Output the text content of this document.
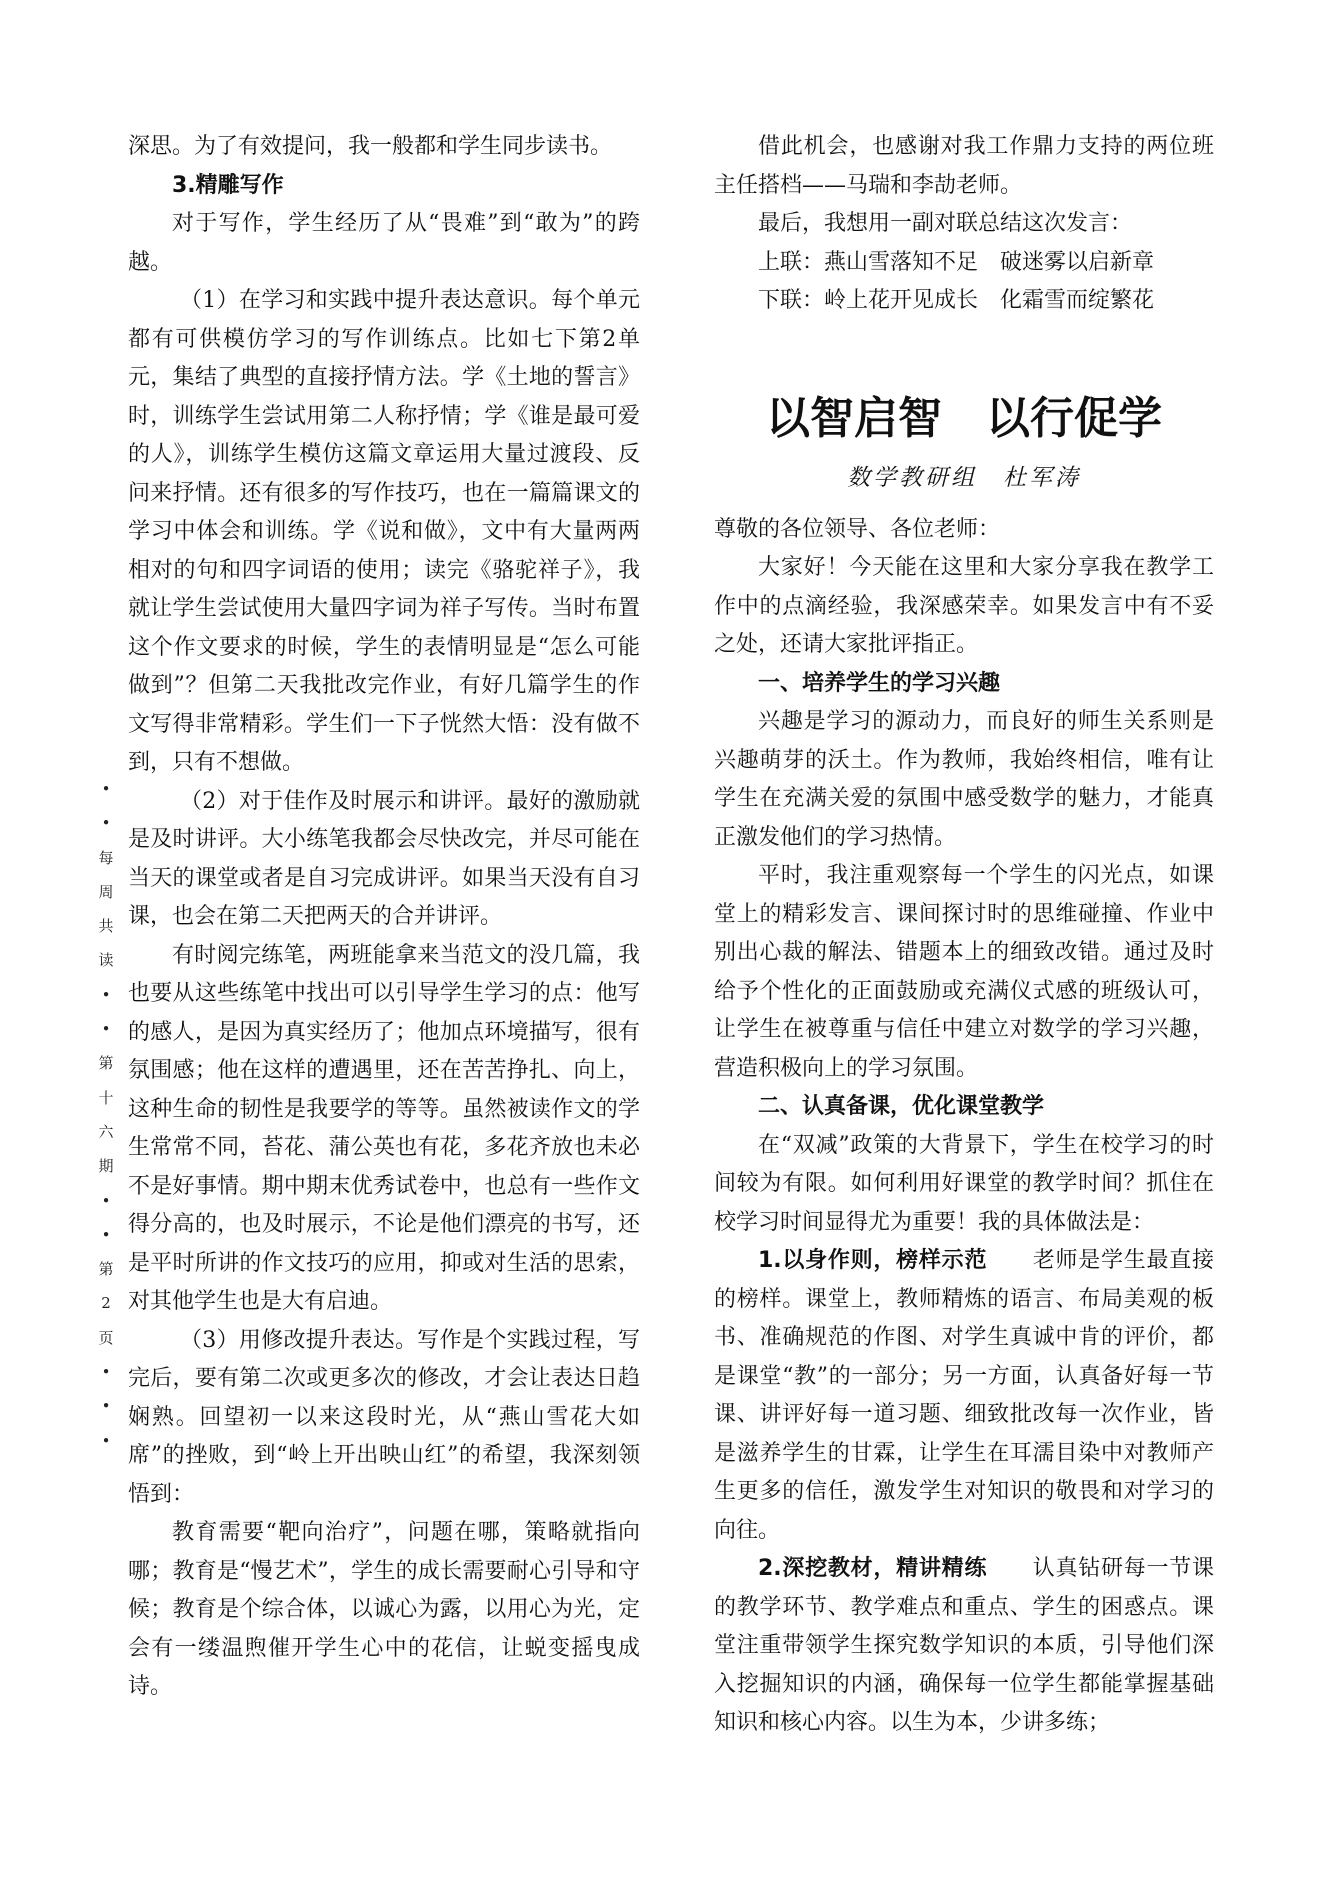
•
•
每
周
共
读
•
•
第
十
六
期
•
•
第
2
页
•
•
•

深思。为了有效提问，我一般都和学生同步读书。

3.精雕写作

对于写作，学生经历了从“畏难”到“敢为”的跨越。

（1）在学习和实践中提升表达意识。每个单元都有可供模仿学习的写作训练点。比如七下第2单元，集结了典型的直接抒情方法。学《土地的誓言》时，训练学生尝试用第二人称抒情；学《谁是最可爱的人》，训练学生模仿这篇文章运用大量过渡段、反问来抒情。还有很多的写作技巧，也在一篇篇课文的学习中体会和训练。学《说和做》，文中有大量两两相对的句和四字词语的使用；读完《骆驼祥子》，我就让学生尝试使用大量四字词为祥子写传。当时布置这个作文要求的时候，学生的表情明显是“怎么可能做到”？但第二天我批改完作业，有好几篇学生的作文写得非常精彩。学生们一下子恍然大悟：没有做不到，只有不想做。

（2）对于佳作及时展示和讲评。最好的激励就是及时讲评。大小练笔我都会尽快改完，并尽可能在当天的课堂或者是自习完成讲评。如果当天没有自习课，也会在第二天把两天的合并讲评。

有时阅完练笔，两班能拿来当范文的没几篇，我也要从这些练笔中找出可以引导学生学习的点：他写的感人，是因为真实经历了；他加点环境描写，很有氛围感；他在这样的遭遇里，还在苦苦挣扎、向上，这种生命的韧性是我要学的等等。虽然被读作文的学生常常不同，苔花、蒲公英也有花，多花齐放也未必不是好事情。期中期末优秀试卷中，也总有一些作文得分高的，也及时展示，不论是他们漂亮的书写，还是平时所讲的作文技巧的应用，抑或对生活的思索，对其他学生也是大有启迪。

（3）用修改提升表达。写作是个实践过程，写完后，要有第二次或更多次的修改，才会让表达日趋娴熟。回望初一以来这段时光，从“燕山雪花大如席”的挫败，到“岭上开出映山红”的希望，我深刻领悟到：

教育需要“靶向治疗”，问题在哪，策略就指向哪；教育是“慢艺术”，学生的成长需要耐心引导和守候；教育是个综合体，以诚心为露，以用心为光，定会有一缕温煦催开学生心中的花信，让蜕变摇曳成诗。

借此机会，也感谢对我工作鼎力支持的两位班主任搭档——马瑞和李劼老师。

最后，我想用一副对联总结这次发言：

上联：燕山雪落知不足　破迷雾以启新章

下联：岭上花开见成长　化霜雪而绽繁花

以智启智　以行促学
数学教研组　杜军涛

尊敬的各位领导、各位老师：

大家好！今天能在这里和大家分享我在教学工作中的点滴经验，我深感荣幸。如果发言中有不妥之处，还请大家批评指正。

一、培养学生的学习兴趣

兴趣是学习的源动力，而良好的师生关系则是兴趣萌芽的沃土。作为教师，我始终相信，唯有让学生在充满关爱的氛围中感受数学的魅力，才能真正激发他们的学习热情。

平时，我注重观察每一个学生的闪光点，如课堂上的精彩发言、课间探讨时的思维碰撞、作业中别出心裁的解法、错题本上的细致改错。通过及时给予个性化的正面鼓励或充满仪式感的班级认可，让学生在被尊重与信任中建立对数学的学习兴趣，营造积极向上的学习氛围。

二、认真备课，优化课堂教学

在“双减”政策的大背景下，学生在校学习的时间较为有限。如何利用好课堂的教学时间？抓住在校学习时间显得尤为重要！我的具体做法是：

1.以身作则，榜样示范　　 老师是学生最直接的榜样。课堂上，教师精炼的语言、布局美观的板书、准确规范的作图、对学生真诚中肯的评价，都是课堂“教”的一部分；另一方面，认真备好每一节课、讲评好每一道习题、细致批改每一次作业，皆是滋养学生的甘霖，让学生在耳濡目染中对教师产生更多的信任，激发学生对知识的敬畏和对学习的向往。

2.深挖教材，精讲精练　　 认真钻研每一节课的教学环节、教学难点和重点、学生的困惑点。课堂注重带领学生探究数学知识的本质，引导他们深入挖掘知识的内涵，确保每一位学生都能掌握基础知识和核心内容。以生为本，少讲多练；
